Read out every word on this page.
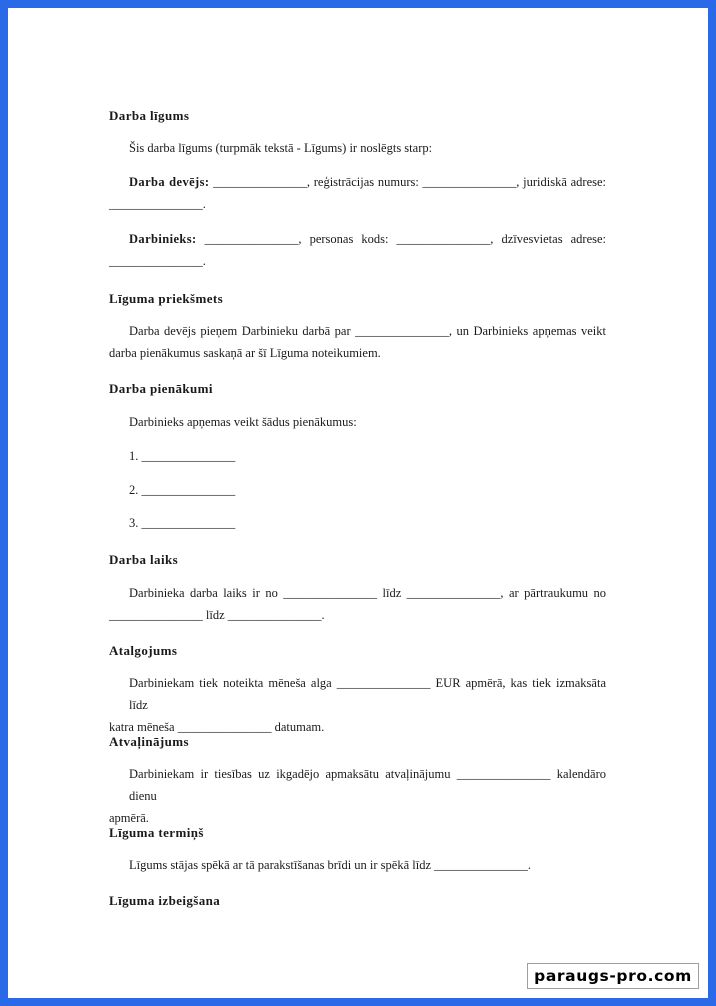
Darba līgums
Šis darba līgums (turpmāk tekstā - Līgums) ir noslēgts starp:
Darba devējs: _______________, reģistrācijas numurs: _______________, juridiskā adrese:
_______________.
Darbinieks: _______________, personas kods: _______________, dzīvesvietas adrese:
_______________.
Līguma priekšmets
Darba devējs pieņem Darbinieku darbā par _______________, un Darbinieks apņemas veikt
darba pienākumus saskaņā ar šī Līguma noteikumiem.
Darba pienākumi
Darbinieks apņemas veikt šādus pienākumus:
1. _______________
2. _______________
3. _______________
Darba laiks
Darbinieka darba laiks ir no _______________ līdz _______________, ar pārtraukumu no
_______________ līdz _______________.
Atalgojums
Darbiniekam tiek noteikta mēneša alga _______________ EUR apmērā, kas tiek izmaksāta līdz
katra mēneša _______________ datumam.
Atvaļinājums
Darbiniekam ir tiesības uz ikgadējo apmaksātu atvaļinājumu _______________ kalendāro dienu
apmērā.
Līguma termiņš
Līgums stājas spēkā ar tā parakstīšanas brīdi un ir spēkā līdz _______________.
Līguma izbeigšana
paraugs-pro.com
